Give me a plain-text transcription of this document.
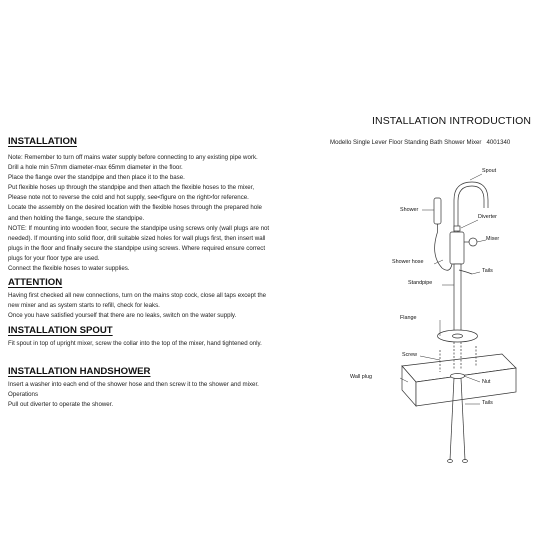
INSTALLATION INTRODUCTION
Modello Single Lever Floor Standing Bath Shower Mixer 4001340
INSTALLATION

Note: Remember to turn off mains water supply before connecting to any existing pipe work.

Drill a hole min 57mm diameter-max 65mm diameter in the floor.

Place the flange over the standpipe and then place it to the base.

Put flexible hoses up through the standpipe and then attach the flexible hoses to the mixer,

Please note not to reverse the cold and hot supply, see<figure on the right>for reference.

Locate the assembly on the desired location with the flexible hoses through the prepared hole

and then holding the flange, secure the standpipe.

NOTE: If mounting into wooden floor, secure the standpipe using screws only (wall plugs are not

needed). If mounting into solid floor, drill suitable sized holes for wall plugs first, then insert wall

plugs in the floor and finally secure the standpipe using screws. Where required ensure correct

plugs for your floor type are used.

Connect the flexible hoses to water supplies.

ATTENTION

Having first checked all new connections, turn on the mains stop cock, close all taps except the

new mixer and as system starts to refill, check for leaks.

Once you have satisfied yourself that there are no leaks, switch on the water supply.

INSTALLATION SPOUT

Fit spout in top of upright mixer, screw the collar into the top of the mixer, hand tightened only.

INSTALLATION HANDSHOWER

Insert a washer into each end of the shower hose and then screw it to the shower and mixer.

Operations

Pull out diverter to operate the shower.

Spout
Shower
Diverter
Mixer
Shower hose
Tails
Standpipe
Flange
Screw
Wall plug
Nut
Tails
